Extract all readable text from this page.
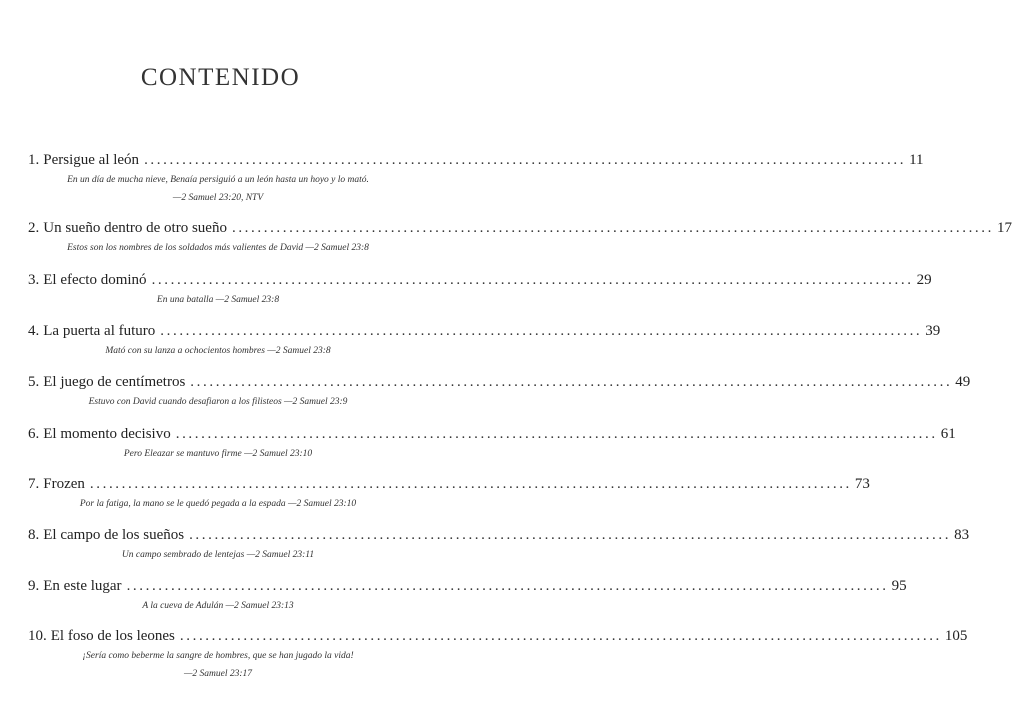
CONTENIDO
1. Persigue al león ........................................................................................................................ 11
En un día de mucha nieve, Benaía persiguió a un león hasta un hoyo y lo mató.
—2 Samuel 23:20, NTV
2. Un sueño dentro de otro sueño ........................................................................................................................ 17
Estos son los nombres de los soldados más valientes de David —2 Samuel 23:8
3. El efecto dominó ........................................................................................................................ 29
En una batalla —2 Samuel 23:8
4. La puerta al futuro ........................................................................................................................ 39
Mató con su lanza a ochocientos hombres —2 Samuel 23:8
5. El juego de centímetros ........................................................................................................................ 49
Estuvo con David cuando desafiaron a los filisteos —2 Samuel 23:9
6. El momento decisivo ........................................................................................................................ 61
Pero Eleazar se mantuvo firme —2 Samuel 23:10
7. Frozen ........................................................................................................................ 73
Por la fatiga, la mano se le quedó pegada a la espada —2 Samuel 23:10
8. El campo de los sueños ........................................................................................................................ 83
Un campo sembrado de lentejas —2 Samuel 23:11
9. En este lugar ........................................................................................................................ 95
A la cueva de Adulán —2 Samuel 23:13
10. El foso de los leones ........................................................................................................................ 105
¡Sería como beberme la sangre de hombres, que se han jugado la vida!
—2 Samuel 23:17
